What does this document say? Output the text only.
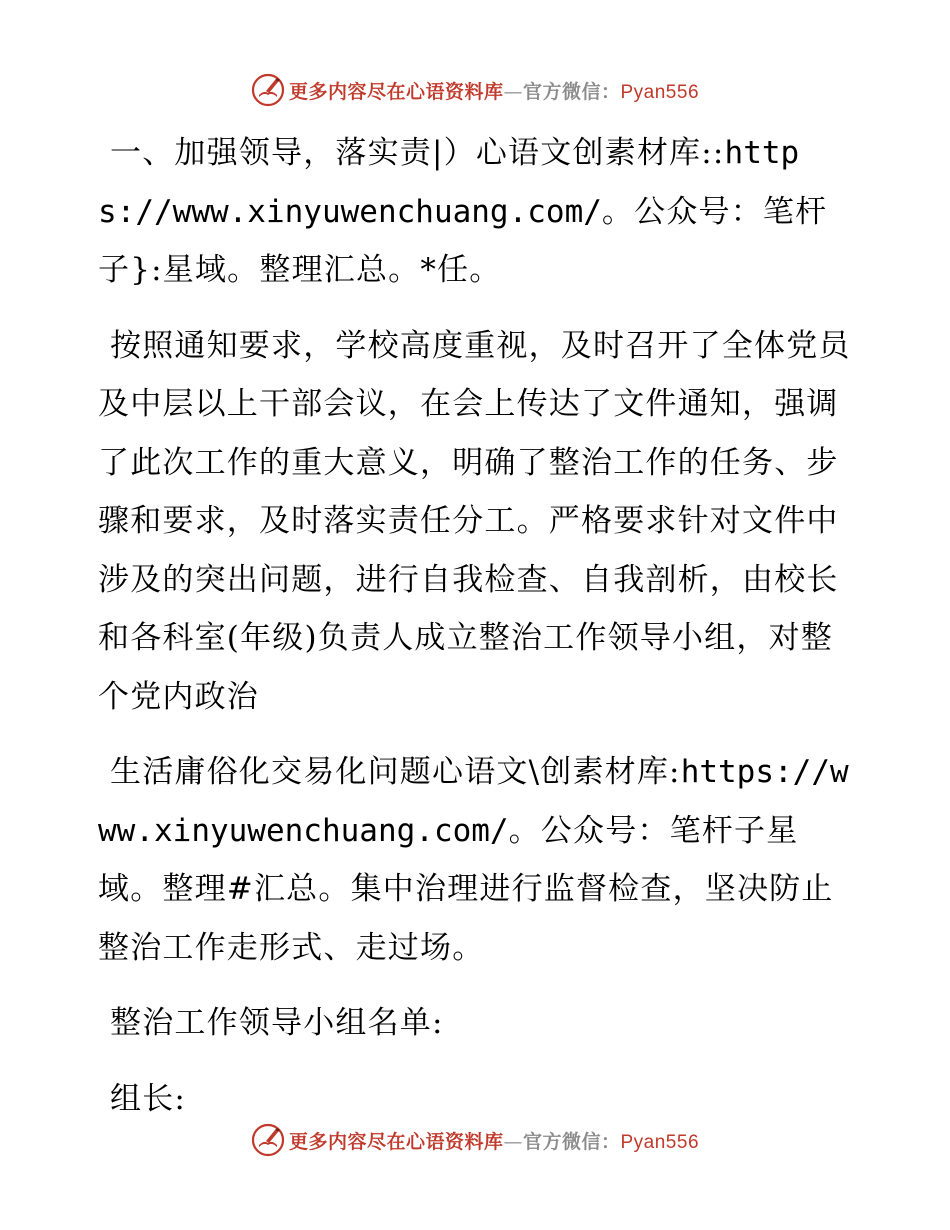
更多内容尽在心语资料库—官方微信：Pyan556

一、加强领导，落实责|）心语文创素材库::https://www.xinyuwenchuang.com/。公众号：笔杆子}:星域。整理汇总。*任。

按照通知要求，学校高度重视，及时召开了全体党员及中层以上干部会议，在会上传达了文件通知，强调了此次工作的重大意义，明确了整治工作的任务、步骤和要求，及时落实责任分工。严格要求针对文件中涉及的突出问题，进行自我检查、自我剖析，由校长和各科室(年级)负责人成立整治工作领导小组，对整个党内政治

生活庸俗化交易化问题心语文\创素材库:https://www.xinyuwenchuang.com/。公众号：笔杆子星域。整理#汇总。集中治理进行监督检查，坚决防止整治工作走形式、走过场。

整治工作领导小组名单:

组长:

更多内容尽在心语资料库—官方微信：Pyan556
